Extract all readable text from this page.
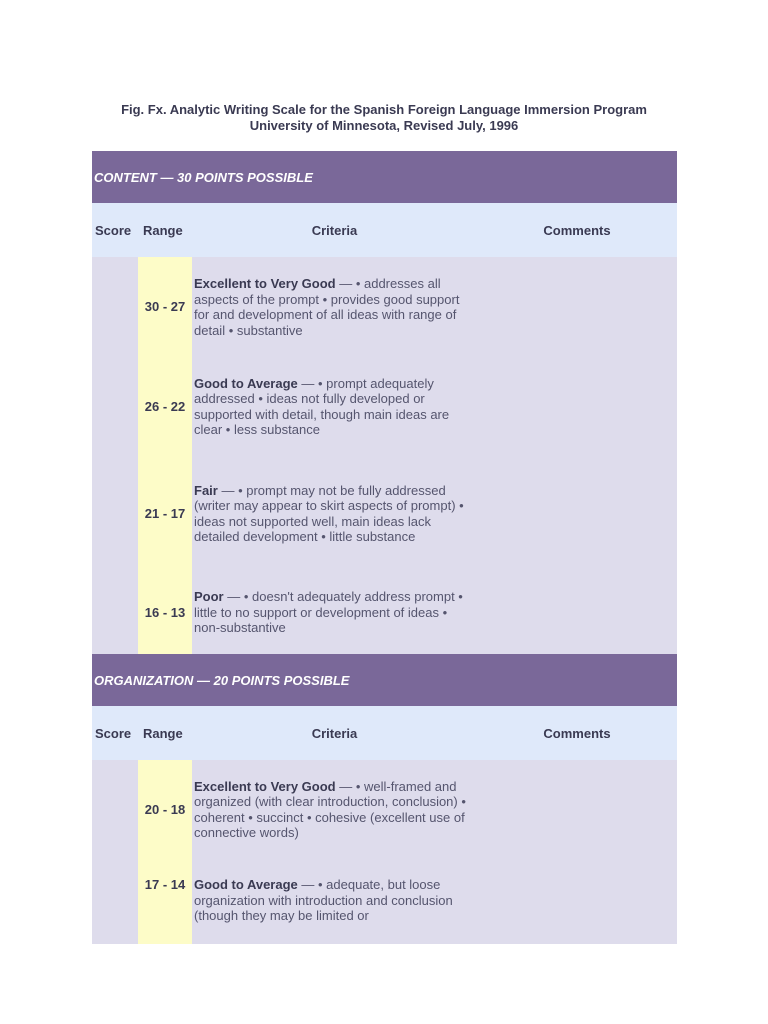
Fig. Fx. Analytic Writing Scale for the Spanish Foreign Language Immersion Program
University of Minnesota, Revised July, 1996
CONTENT — 30 POINTS POSSIBLE			
Score	Range	Criteria	Comments
	30 - 27	Excellent to Very Good — • addresses all aspects of the prompt • provides good support for and development of all ideas with range of detail • substantive	
	26 - 22	Good to Average — • prompt adequately addressed • ideas not fully developed or supported with detail, though main ideas are clear • less substance	
	21 - 17	Fair — • prompt may not be fully addressed (writer may appear to skirt aspects of prompt) • ideas not supported well, main ideas lack detailed development • little substance	
	16 - 13	Poor — • doesn't adequately address prompt • little to no support or development of ideas • non-substantive	
ORGANIZATION — 20 POINTS POSSIBLE			
Score	Range	Criteria	Comments
	20 - 18	Excellent to Very Good — • well-framed and organized (with clear introduction, conclusion) • coherent • succinct • cohesive (excellent use of connective words)	
	17 - 14	Good to Average — • adequate, but loose organization with introduction and conclusion (though they may be limited or	
